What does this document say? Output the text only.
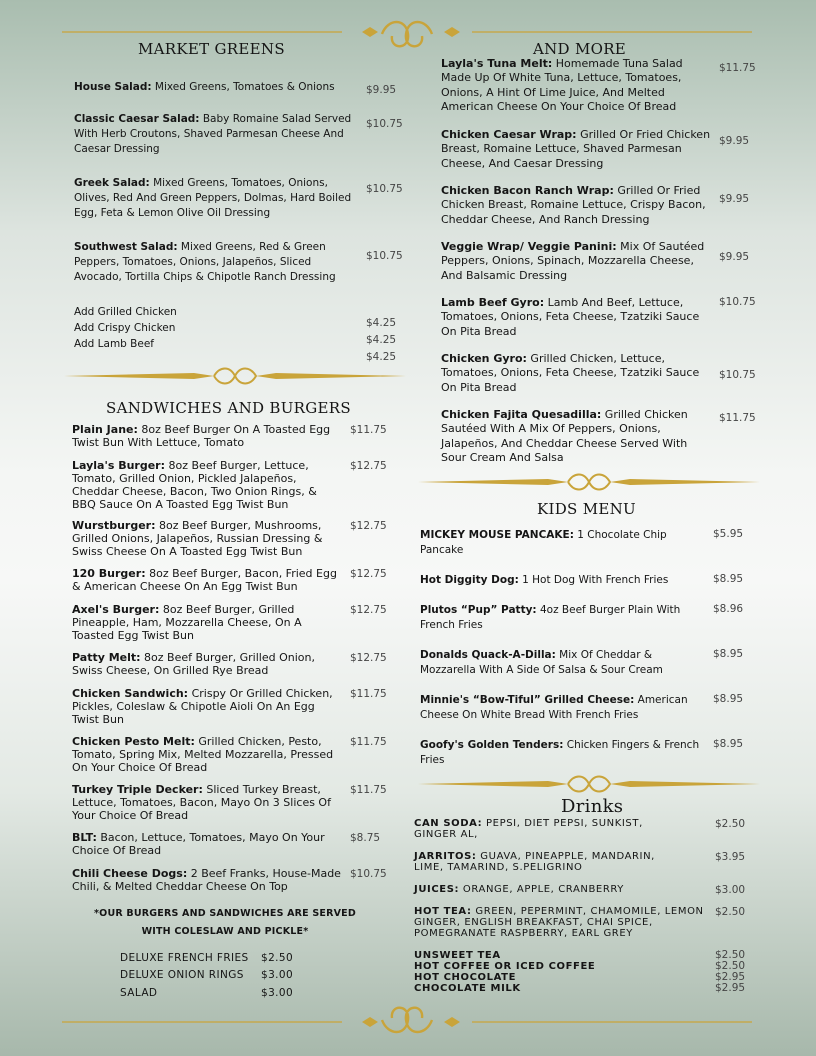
MARKET GREENS
House Salad: Mixed Greens, Tomatoes & Onions	$9.95
Classic Caesar Salad: Baby Romaine Salad Served With Herb Croutons, Shaved Parmesan Cheese And Caesar Dressing
$10.75
Greek Salad: Mixed Greens, Tomatoes, Onions, Olives, Red And Green Peppers, Dolmas, Hard Boiled Egg, Feta & Lemon Olive Oil Dressing
$10.75
Southwest Salad: Mixed Greens, Red & Green Peppers, Tomatoes, Onions, Jalapeños, Sliced Avocado, Tortilla Chips & Chipotle Ranch Dressing
$10.75
Add Grilled Chicken
Add Crispy Chicken
Add Lamb Beef
$4.25
$4.25
$4.25
SANDWICHES AND BURGERS
Plain Jane: 8oz Beef Burger On A Toasted Egg Twist Bun With Lettuce, Tomato
$11.75
Layla's Burger: 8oz Beef Burger, Lettuce, Tomato, Grilled Onion, Pickled Jalapeños, Cheddar Cheese, Bacon, Two Onion Rings, & BBQ Sauce On A Toasted Egg Twist Bun
$12.75
Wurstburger: 8oz Beef Burger, Mushrooms, Grilled Onions, Jalapeños, Russian Dressing & Swiss Cheese On A Toasted Egg Twist Bun
$12.75
120 Burger: 8oz Beef Burger, Bacon, Fried Egg & American Cheese On An Egg Twist Bun
$12.75
Axel's Burger: 8oz Beef Burger, Grilled Pineapple, Ham, Mozzarella Cheese, On A Toasted Egg Twist Bun
$12.75
Patty Melt: 8oz Beef Burger, Grilled Onion, Swiss Cheese, On Grilled Rye Bread
$12.75
Chicken Sandwich: Crispy Or Grilled Chicken, Pickles, Coleslaw & Chipotle Aioli On An Egg Twist Bun
$11.75
Chicken Pesto Melt: Grilled Chicken, Pesto, Tomato, Spring Mix, Melted Mozzarella, Pressed On Your Choice Of Bread
$11.75
Turkey Triple Decker: Sliced Turkey Breast, Lettuce, Tomatoes, Bacon, Mayo On 3 Slices Of Your Choice Of Bread
$11.75
BLT: Bacon, Lettuce, Tomatoes, Mayo On Your Choice Of Bread
$8.75
Chili Cheese Dogs: 2 Beef Franks, House-Made Chili, & Melted Cheddar Cheese On Top
$10.75
*OUR BURGERS AND SANDWICHES ARE SERVED WITH COLESLAW AND PICKLE*
DELUXE FRENCH FRIES $2.50
DELUXE ONION RINGS $3.00
SALAD	$3.00
AND MORE
Layla's Tuna Melt: Homemade Tuna Salad Made Up Of White Tuna, Lettuce, Tomatoes, Onions, A Hint Of Lime Juice, And Melted American Cheese On Your Choice Of Bread
$11.75
Chicken Caesar Wrap: Grilled Or Fried Chicken Breast, Romaine Lettuce, Shaved Parmesan Cheese, And Caesar Dressing
$9.95
Chicken Bacon Ranch Wrap: Grilled Or Fried Chicken Breast, Romaine Lettuce, Crispy Bacon, Cheddar Cheese, And Ranch Dressing
$9.95
Veggie Wrap/ Veggie Panini: Mix Of Sautéed Peppers, Onions, Spinach, Mozzarella Cheese, And Balsamic Dressing
$9.95
Lamb Beef Gyro: Lamb And Beef, Lettuce, Tomatoes, Onions, Feta Cheese, Tzatziki Sauce On Pita Bread
$10.75
Chicken Gyro: Grilled Chicken, Lettuce, Tomatoes, Onions, Feta Cheese, Tzatziki Sauce On Pita Bread
$10.75
Chicken Fajita Quesadilla: Grilled Chicken Sautéed With A Mix Of Peppers, Onions, Jalapeños, And Cheddar Cheese Served With Sour Cream And Salsa
$11.75
KIDS MENU
MICKEY MOUSE PANCAKE: 1 Chocolate Chip Pancake
$5.95
Hot Diggity Dog: 1 Hot Dog With French Fries	$8.95
Plutos “Pup” Patty: 4oz Beef Burger Plain With French Fries
$8.96
Donalds Quack-A-Dilla: Mix Of Cheddar & Mozzarella With A Side Of Salsa & Sour Cream
$8.95
Minnie's “Bow-Tiful” Grilled Cheese: American Cheese On White Bread With French Fries
$8.95
Goofy's Golden Tenders: Chicken Fingers & French Fries
$8.95
Drinks
CAN SODA: PEPSI, DIET PEPSI, SUNKIST, GINGER AL,
$2.50
JARRITOS: GUAVA, PINEAPPLE, MANDARIN, LIME, TAMARIND, S.PELIGRINO
$3.95
JUICES: ORANGE, APPLE, CRANBERRY	$3.00
HOT TEA: GREEN, PEPERMINT, CHAMOMILE, LEMON GINGER, ENGLISH BREAKFAST, CHAI SPICE, POMEGRANATE RASPBERRY, EARL GREY
$2.50
UNSWEET TEA	$2.50
HOT COFFEE OR ICED COFFEE	$2.50
HOT CHOCOLATE	$2.95
CHOCOLATE MILK	$2.95
